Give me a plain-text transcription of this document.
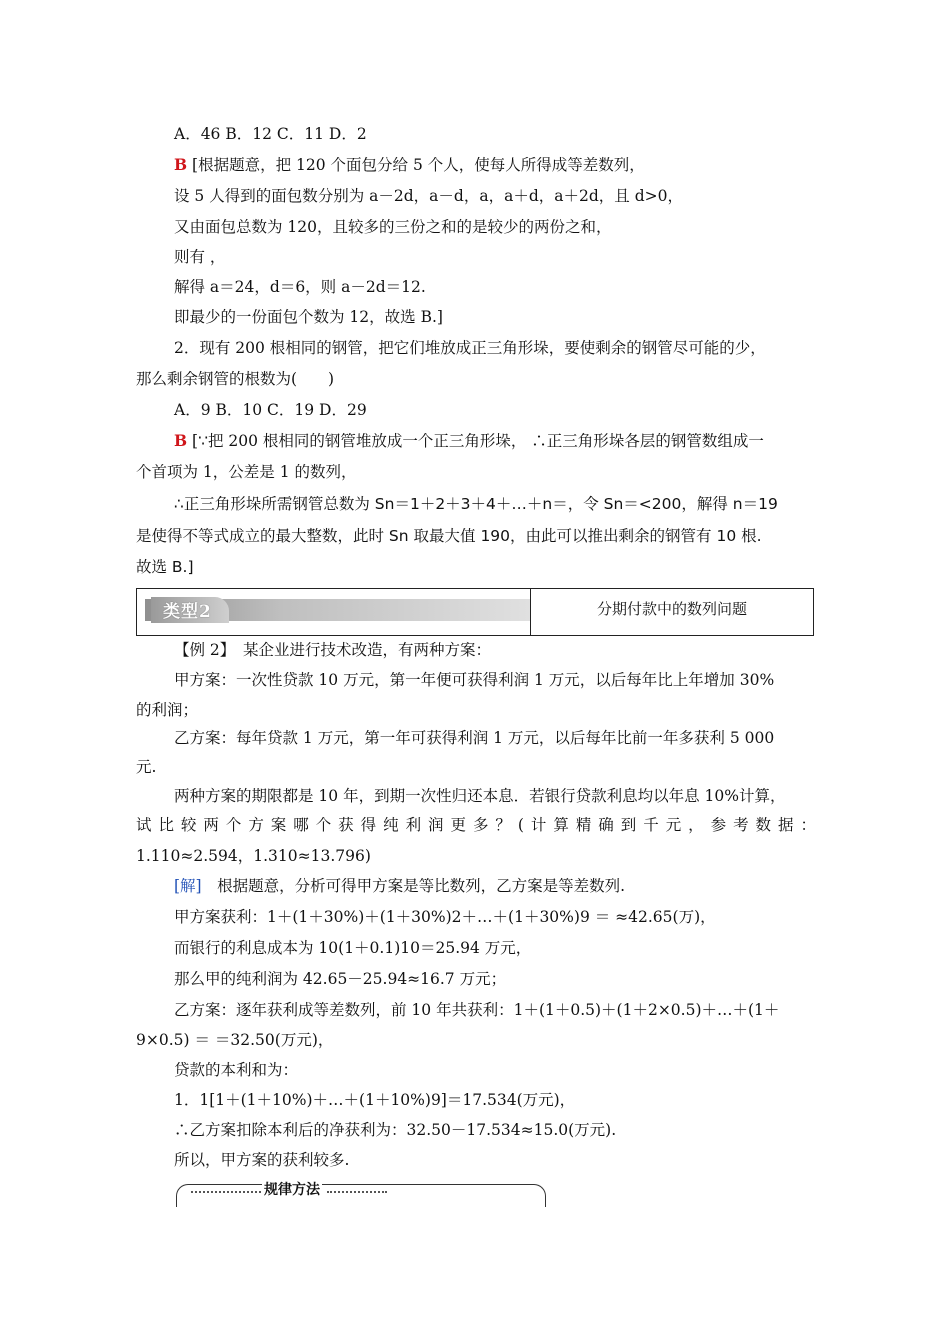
A．46 B．12 C．11 D．2
B [根据题意，把 120 个面包分给 5 个人，使每人所得成等差数列，
设 5 人得到的面包数分别为 a－2d，a－d，a，a＋d，a＋2d，且 d>0，
又由面包总数为 120，且较多的三份之和的是较少的两份之和，
则有 ，
解得 a＝24，d＝6，则 a－2d＝12.
即最少的一份面包个数为 12，故选 B.]
2．现有 200 根相同的钢管，把它们堆放成正三角形垛，要使剩余的钢管尽可能的少，
那么剩余钢管的根数为(　　)
A．9 B．10 C．19 D．29
B [∵把 200 根相同的钢管堆放成一个正三角形垛， ∴正三角形垛各层的钢管数组成一
个首项为 1，公差是 1 的数列，
∴正三角形垛所需钢管总数为 Sn＝1＋2＋3＋4＋…＋n＝，令 Sn＝<200，解得 n＝19
是使得不等式成立的最大整数，此时 Sn 取最大值 190，由此可以推出剩余的钢管有 10 根.
故选 B.]
类型2	分期付款中的数列问题
【例 2】　某企业进行技术改造，有两种方案：
甲方案：一次性贷款 10 万元，第一年便可获得利润 1 万元，以后每年比上年增加 30%
的利润；
乙方案：每年贷款 1 万元，第一年可获得利润 1 万元，以后每年比前一年多获利 5 000
元.
两种方案的期限都是 10 年，到期一次性归还本息．若银行贷款利息均以年息 10%计算，
试比较两个方案哪个获得纯利润更多？(计算精确到千元，参考数据：
1.110≈2.594，1.310≈13.796)
[解]　根据题意，分析可得甲方案是等比数列，乙方案是等差数列.
甲方案获利：1＋(1＋30%)＋(1＋30%)2＋…＋(1＋30%)9 ＝ ≈42.65(万)，
而银行的利息成本为 10(1＋0.1)10＝25.94 万元，
那么甲的纯利润为 42.65－25.94≈16.7 万元；
乙方案：逐年获利成等差数列，前 10 年共获利：1＋(1＋0.5)＋(1＋2×0.5)＋…＋(1＋
9×0.5) ＝ ＝32.50(万元)，
贷款的本利和为：
1．1[1＋(1＋10%)＋…＋(1＋10%)9]＝17.534(万元)，
∴乙方案扣除本利后的净获利为：32.50－17.534≈15.0(万元).
所以，甲方案的获利较多.
规律方法
